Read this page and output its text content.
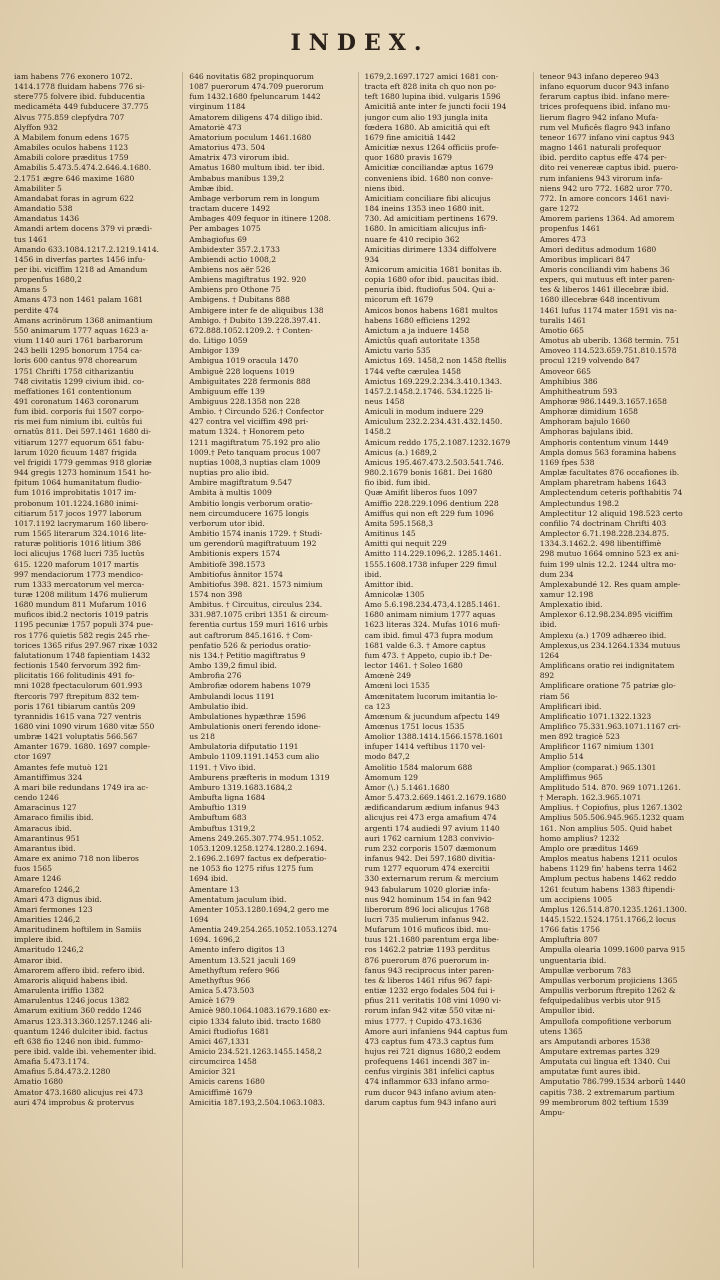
INDEX.
iam habens 776 exonero 1072.
1414.1778 fluidam habens 776 si-
stere775 folvere ibid. fubducentia
medicaméta 449 fubducere 37.775
Alvus 775.859 clepfydra 707
Alyffon 932
A Mabilem fonum edens 1675
Amabiles oculos habens 1123
Amabili colore præditus 1759
Amabilis 5.473.5.474.2.646.4.1680.
2.1751 ægre 646 maxime 1680
Amabiliter 5
Amandabat foras in agrum 622
Amandatio 538
Amandatus 1436
Amandi artem docens 379 vi prædi-
tus 1461
Amando 633.1084.1217.2.1219.1414.
1456 in diverfas partes 1456 infu-
per ibi. viciffim 1218 ad Amandum
propenfus 1680,2
Amans 5
Amans 473 non 1461 palam 1681
perdite 474
Amans acrinörum 1368 animantium
550 animarum 1777 aquas 1623 a-
vium 1140 auri 1761 barbarorum
243 belli 1295 bonorum 1754 ca-
loris 600 cantus 978 chorearum
1751 Chrifti 1758 citharizantiu
748 civitatis 1299 civium ibid. co-
meffationes 161 contentionum
491 coronatum 1463 coronarum
fum ibid. corporis fui 1507 corpo-
ris mei fum nimium ibi. cultûs fui
ornatûs 811. Dei 597.1461 1680 di-
vitiarum 1277 equorum 651 fabu-
larum 1020 ficuum 1487 frigida
vel frigidi 1779 gemmas 918 gloriæ
944 gregis 1273 hominum 1541 ho-
fpitum 1064 humanitatum fludio-
fum 1016 improbitatis 1017 im-
probonum 101.1224.1680 inimi-
citiarum 517 jocos 1977 laborum
1017.1192 lacrymarum 160 libero-
rum 1565 literarum 324.1016 lite-
raturæ politioris 1016 litium 386
loci alicujus 1768 lucri 735 luctûs
615. 1220 maforum 1017 martis
997 mendaciorum 1773 mendico-
rum 1333 mercatorum vel merca-
turæ 1208 militum 1476 mulierum
1680 mundum 811 Mufarum 1016
muficos ibid.2 nectoris 1019 patris
1195 pecuniæ 1757 populi 374 pue-
ros 1776 quietis 582 regis 245 rhe-
torices 1365 rifus 297.967 rixæ 1032
falutationum 1748 fapientiam 1432
fectionis 1540 fervorum 392 fim-
plicitatis 166 folitudinis 491 fo-
mni 1028 fpectaculorum 601.993
ftercoris 797 ftrepitum 832 tem-
poris 1761 tibiarum cantûs 209
tyrannidis 1615 vana 727 ventris
1680 vini 1090 virum 1680 vitæ 550
umbræ 1421 voluptatis 566.567
Amanter 1679. 1680. 1697 comple-
ctor 1697
Amantes fefe mutuò 121
Amantiffimus 324
A mari bile redundans 1749 ira ac-
cendo 1246
Amaracinus 127
Amaraco fimilis ibid.
Amaracus ibid.
Amarantinus 951
Amarantus ibid.
Amare ex animo 718 non liberos
fuos 1565
Amare 1246
Amarefco 1246,2
Amari 473 dignus ibid.
Amari fermones 123
Amarities 1246,2
Amaritudinem hoftilem in Samiis
implere ibid.
Amaritudo 1246,2
Amaror ibid.
Amarorem affero ibid. refero ibid.
Amaroris aliquid habens ibid.
Amarulenta iriffio 1382
Amarulentus 1246 jocus 1382
Amarum exitium 360 reddo 1246
Amarus 123.313.360.1257.1246 ali-
quantum 1246 dulciter ibid. factus
eft 638 fio 1246 non ibid. fummo-
pere ibid. valde ibi. vehementer ibid.
Amafia 5.473.1174.
Amafius 5.84.473.2.1280
Amatio 1680
Amator 473.1680 alicujus rei 473
auri 474 improbus & protervus
646 novitatis 682 propinquorum
1087 puerorum 474.709 puerorum
fum 1432.1680 fpeluncarum 1442
virginum 1184
Amatorem diligens 474 diligo ibid.
Amatoriè 473
Amatorium poculum 1461.1680
Amatorius 473. 504
Amatrix 473 virorum ibid.
Amatus 1680 multum ibid. ter ibid.
Ambabus manibus 139,2
Ambæ ibid.
Ambage verborum rem in longum
tractam ducere 1492
Ambages 409 fequor in itinere 1208.
Per ambages 1075
Ambagiofus 69
Ambidexter 357.2.1733
Ambiendi actio 1008,2
Ambiens nos aër 526
Ambiens magiftratus 192. 920
Ambiens pro Othone 75
Ambigens. † Dubitans 888
Ambigere inter fe de aliquibus 138
Ambigo. † Dubito 139.228.397.41.
672.888.1052.1209.2. † Conten-
do. Litigo 1059
Ambigor 139
Ambigua 1019 oracula 1470
Ambiguè 228 loquens 1019
Ambiguitates 228 fermonis 888
Ambiguum effe 139
Ambiguus 228.1358 non 228
Ambio. † Circundo 526.† Confector
427 contra vel viciffim 498 pri-
matum 1324. † Honorem peto
1211 magiftratum 75.192 pro alio
1009.† Peto tanquam procus 1007
nuptias 1008,3 nuptias clam 1009
nuptias pro alio ibid.
Ambire magiftratum 9.547
Ambita à multis 1009
Ambitio longis verborum oratio-
nem circumducere 1675 longis
verborum utor ibid.
Ambitio 1574 inanis 1729. † Studi-
um gerendorû magiftratuum 192
Ambitionis expers 1574
Ambitiofè 398.1573
Ambitiofus ânnitor 1574
Ambitiofus 398. 821. 1573 nimium
1574 non 398
Ambitus. † Circuitus, circulus 234.
331.987.1075 cribri 1351 & circum-
ferentia curtus 159 muri 1616 urbis
aut caftrorum 845.1616. † Com-
penfatio 526 & periodus oratio-
nis 134.† Petitio magiftratus 9
Ambo 139,2 fimul ibid.
Ambrofia 276
Ambrofiæ odorem habens 1079
Ambulandi locus 1191
Ambulatio ibid.
Ambulationes hypæthræ 1596
Ambulationis oneri ferendo idone-
us 218
Ambulatoria difputatio 1191
Ambulo 1109.1191.1453 cum alio
1191. † Vivo ibid.
Amburens præfteris in modum 1319
Amburo 1319.1683.1684,2
Ambufta ligna 1684
Ambuftio 1319
Ambuftum 683
Ambuftus 1319,2
Amens 249.265.307.774.951.1052.
1053.1209.1258.1274.1280.2.1694.
2.1696.2.1697 factus ex defperatio-
ne 1053 fio 1275 rifus 1275 fum
1694 ibid.
Amentare 13
Amentatum jaculum ibid.
Amenter 1053.1280.1694,2 gero me
1694
Amentia 249.254.265.1052.1053.1274
1694. 1696,2
Amento infero digitos 13
Amentum 13.521 jaculi 169
Amethyftum refero 966
Amethyftus 966
Amica 5.473.503
Amicè 1679
Amicè 980.1064.1083.1679.1680 ex-
cipio 1334 faluto ibid. tracto 1680
Amici ftudiofus 1681
Amici 467,1331
Amicio 234.521.1263.1455.1458,2
circumcirca 1458
Amicior 321
Amicis carens 1680
Amiciffimè 1679
Amicitia 187.193,2.504.1063.1083.
1679,2.1697.1727 amici 1681 con-
tracta eft 828 inita ch quo non po-
teft 1680 lupina ibid. vulgaris 1596
Amicitiâ ante inter fe juncti focii 194
jungor cum alio 193 jungla inita
fœdera 1680. Ab amicitiâ qui eft
1679 fine amicitiâ 1442
Amicitiæ nexus 1264 officiis profe-
quor 1680 pravis 1679
Amicitiæ conciliandæ aptus 1679
conveniens ibid. 1680 non conve-
niens ibid.
Amicitiam conciliare fibi alicujus
184 ineins 1353 ineo 1680 init.
730. Ad amicitiam pertinens 1679.
1680. In amicitiam alicujus infi-
nuare fe 410 recipio 362
Amicitias dirimere 1334 diffolvere
934
Amicorum amicitia 1681 bonitas ib.
copia 1680 ofor ibid. paucitas ibid.
penuria ibid. ftudiofus 504. Qui a-
micorum eft 1679
Amicos bonos habens 1681 multos
habens 1680 efficiens 1292
Amictum a ja induere 1458
Amictûs quafi autoritate 1358
Amictu vario 535
Amictus 169. 1458,2 non 1458 ftellis
1744 vefte cærulea 1458
Amictus 169.229.2.234.3.410.1343.
1457.2.1458.2.1746. 534.1225 li-
neus 1458
Amiculi in modum induere 229
Amiculum 232.2.234.431.432.1450.
1458.2
Amicum reddo 175,2.1087.1232.1679
Amicus (a.) 1689,2
Amicus 195.467.473.2.503.541.746.
980.2.1679 bonis 1681. Dei 1680
fio ibid. fum ibid.
Quæ Amifit liberos fuos 1097
Amiffio 228.229.1096 dentium 228
Amiffus qui non eft 229 fum 1096
Amita 595.1568,3
Amitinus 145
Amitti qui nequit 229
Amitto 114.229.1096,2. 1285.1461.
1555.1608.1738 infuper 229 fimul
ibid.
Amittor ibid.
Amnicolæ 1305
Amo 5.6.198.234.473,4.1285.1461.
1680 animam nimium 1777 aquas
1623 literas 324. Mufas 1016 mufi-
cam ibid. fimul 473 fupra modum
1681 valde 6.3. † Amore captus
fum 473. † Appeto, cupio ib.† De-
lector 1461. † Soleo 1680
Amœnè 249
Amœni loci 1535
Amœnitatem lucorum imitantia lo-
ca 123
Amœnum & jucundum afpectu 149
Amœnus 1751 locus 1535
Amolior 1388.1414.1566.1578.1601
infuper 1414 veftibus 1170 vel-
modo 847,2
Amolitio 1584 malorum 688
Amomum 129
Amor (\.) 5.1461.1680
Amor 5.473.2.669.1461.2.1679.1680
ædificandarum ædium infanus 943
alicujus rei 473 erga amafium 474
argenti 174 audiedi 97 avium 1140
auri 1762 carnium 1283 convivio-
rum 232 corporis 1507 dæmonum
infanus 942. Dei 597.1680 divitia-
rum 1277 equorum 474 exercitii
330 externarum rerum & mercium
943 fabularum 1020 gloriæ infa-
nus 942 hominum 154 in fan 942
liberorum 896 loci alicujus 1768
lucri 735 mulierum infanus 942.
Mufarum 1016 muficos ibid. mu-
tuus 121.1680 parentum erga libe-
ros 1462.2 patriæ 1193 perditus
876 puerorum 876 puerorum in-
fanus 943 reciprocus inter paren-
tes & liberos 1461 rifus 967 fapi-
entiæ 1232 ergo fodales 504 fui i-
pfius 211 veritatis 108 vini 1090 vi-
rorum infan 942 vitæ 550 vitæ ni-
mius 1777. † Cupido 473.1636
Amore auri infaniens 944 captus fum
473 captus fum 473.3 captus fum
hujus rei 721 dignus 1680,2 eodem
profequens 1461 incendi 387 in-
cenfus virginis 381 infelici captus
474 inflammor 633 infano armo-
rum ducor 943 infano avium aten-
darum captus fum 943 infano auri
teneor 943 infano depereo 943
infano equorum ducor 943 infano
ferarum captus ibid. infano mere-
trices profequens ibid. infano mu-
lierum flagro 942 infano Mufa-
rum vel Muficês flagro 943 infano
teneor 1677 infano vini captus 943
magno 1461 naturali profequor
ibid. perdito captus effe 474 per-
dito rei venereæ captus ibid. puero-
rum infaniens 943 virorum infa-
niens 942 uro 772. 1682 uror 770.
772. In amore concors 1461 navi-
gare 1272
Amorem pariens 1364. Ad amorem
propenfus 1461
Amores 473
Amori deditus admodum 1680
Amoribus implicari 847
Amoris conciliandi vim habens 36
expers, qui mutuus eft inter paren-
tes & liberos 1461 illecebræ ibid.
1680 illecebræ 648 incentivum
1461 lufus 1174 mater 1591 vis na-
turalis 1461
Amotio 665
Amotus ab uberib. 1368 termin. 751
Amoveo 114.523.659.751.810.1578
procul 1219 volvendo 847
Amoveor 665
Amphibius 386
Amphitheatrum 593
Amphoræ 986.1449.3.1657.1658
Amphoræ dimidium 1658
Amphoram bajulo 1660
Amphoras bajulans ibid.
Amphoris contentum vinum 1449
Ampla domus 563 foramina habens
1169 fpes 538
Amplæ facultates 876 occafiones ib.
Amplam pharetram habens 1643
Amplectendum ceteris pofthabitis 74
Amplectundus 198.2
Amplectitur 12 aliquid 198.523 certo
confilio 74 doctrinam Chrifti 403
Amplector 6.71.198.228.234.875.
1334.3.1462.2. 498 libentiffimè
298 mutuo 1664 omnino 523 ex ani-
fuim 199 ulnis 12.2. 1244 ultra mo-
dum 234
Amplexabundé 12. Res quam ample-
xamur 12.198
Amplexatio ibid.
Amplexor 6.12.98.234.895 viciffim
ibid.
Amplexu (a.) 1709 adhæreo ibid.
Amplexus,us 234.1264.1334 mutuus
1264
Amplificans oratio rei indignitatem
892
Amplificare oratione 75 patriæ glo-
riam 56
Amplificari ibid.
Amplificatio 1071.1322.1323
Amplifico 75.331.963.1071.1167 cri-
men 892 tragicè 523
Amplificor 1167 nimium 1301
Amplio 514
Amplior (comparat.) 965.1301
Ampliffimus 965
Amplitudo 514. 870. 969 1071.1261.
† Meraph. 162.3.965.1071
Amplius. † Copiofius, plus 1267.1302
Amplius 505.506.945.965.1232 quam
161. Non amplius 505. Quid habet
homo amplius? 1232
Amplo ore præditus 1469
Amplos meatus habens 1211 oculos
habens 1129 fin' habens terra 1462
Amplum pectus habens 1462 reddo
1261 fcutum habens 1383 ftipendi-
um accipiens 1005
Amplus 126.514.870.1235.1261.1300.
1445.1522.1524.1751.1766,2 locus
1766 fatis 1756
Ampluftria 807
Ampulla olearia 1099.1600 parva 915
unguentaria ibid.
Ampullæ verborum 783
Ampullas verborum projiciens 1365
Ampullis verborum ftrepito 1262 &
fefquipedalibus verbis utor 915
Ampullor ibid.
Ampullofa compofitione verborum
utens 1365
ars Amputandi arbores 1538
Amputare extremas partes 329
Amputata cui lingua eft 1340. Cui
amputatæ funt aures ibid.
Amputatio 786.799.1534 arborû 1440
capitis 738. 2 extremarum partium
99 membrorum 802 teftium 1539
Ampu-
